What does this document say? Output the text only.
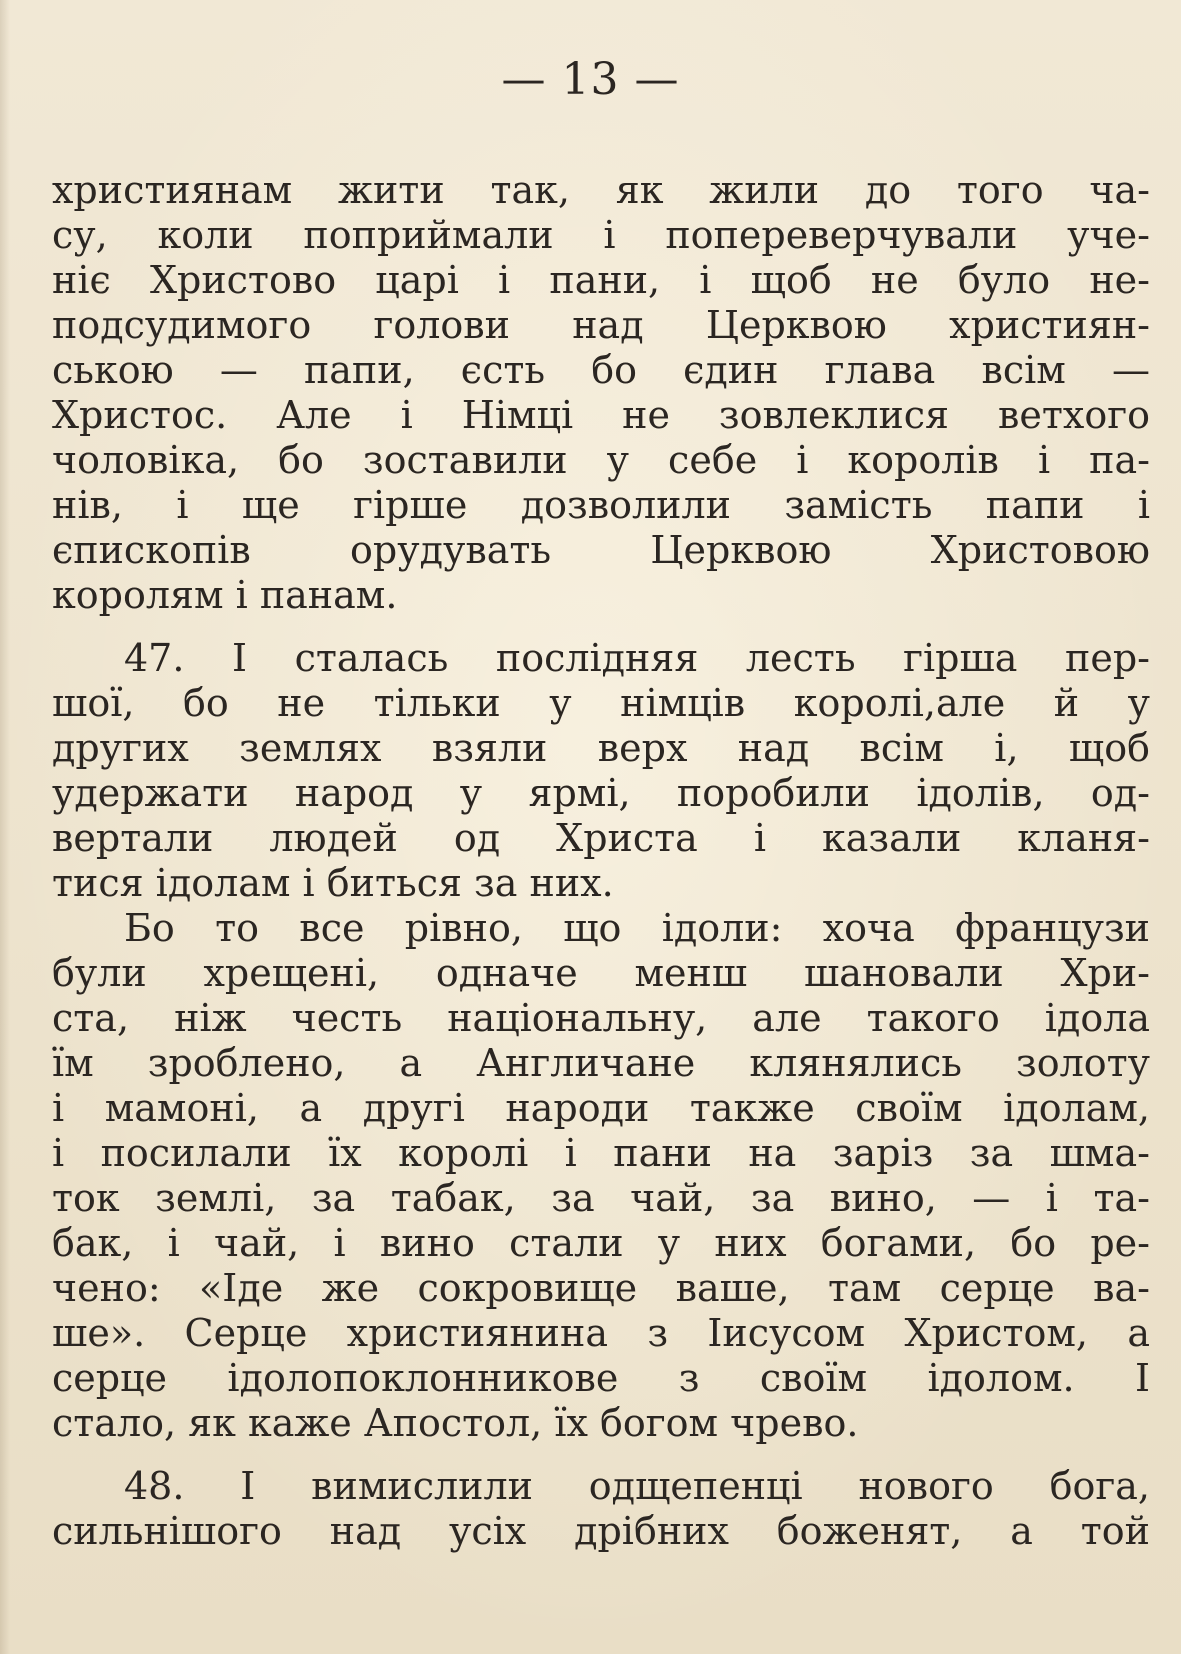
— 13 —
християнам жити так, як жили до того ча-
су, коли поприймали і попереверчували уче-
ніє Христово царі і пани, і щоб не було не-
подсудимого голови над Церквою християн-
ською — папи, єсть бо єдин глава всім —
Христос. Але і Німці не зовлеклися ветхого
чоловіка, бо зоставили у себе і королів і па-
нів, і ще гірше дозволили замість папи і
єпископів орудувать Церквою Христовою
королям і панам.
47. І сталась послідняя лесть гірша пер-
шої, бо не тільки у німців королі,але й у
других землях взяли верх над всім і, щоб
удержати народ у ярмі, поробили ідолів, од-
вертали людей од Христа і казали кланя-
тися ідолам і биться за них.
Бо то все рівно, що ідоли: хоча французи
були хрещені, одначе менш шановали Хри-
ста, ніж честь національну, але такого ідола
їм зроблено, а Англичане клянялись золоту
і мамоні, а другі народи также своїм ідолам,
і посилали їх королі і пани на заріз за шма-
ток землі, за табак, за чай, за вино, — і та-
бак, і чай, і вино стали у них богами, бо ре-
чено: «Іде же сокровище ваше, там серце ва-
ше». Серце християнина з Іисусом Христом, а
серце ідолопоклонникове з своїм ідолом. І
стало, як каже Апостол, їх богом чрево.
48. І вимислили одщепенці нового бога,
сильнішого над усіх дрібних боженят, а той
